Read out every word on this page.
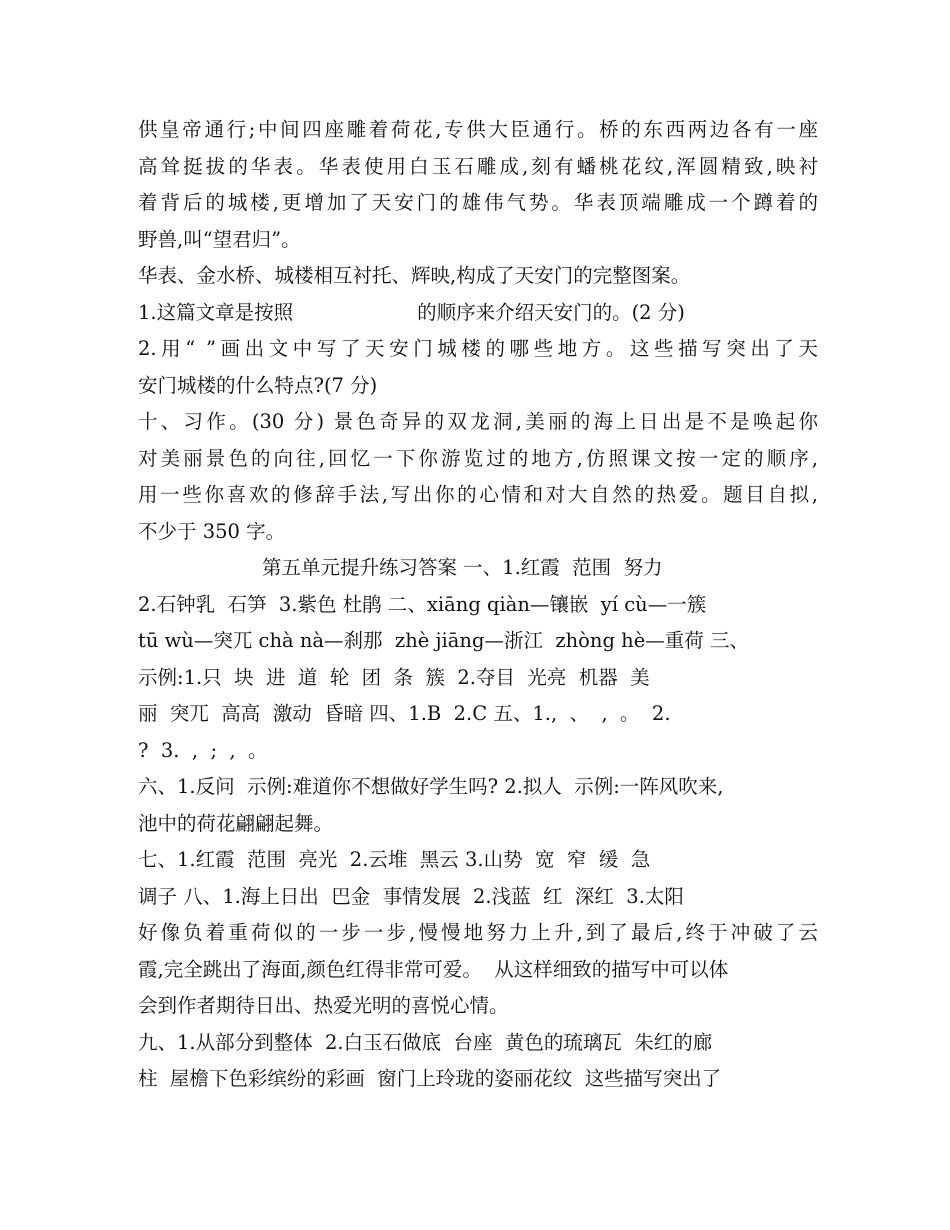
供皇帝通行;中间四座雕着荷花,专供大臣通行。桥的东西两边各有一座
高耸挺拔的华表。华表使用白玉石雕成,刻有蟠桃花纹,浑圆精致,映衬
着背后的城楼,更增加了天安门的雄伟气势。华表顶端雕成一个蹲着的
野兽,叫“望君归”。
华表、金水桥、城楼相互衬托、辉映,构成了天安门的完整图案。
1.这篇文章是按照                    的顺序来介绍天安门的。(2 分)
2.用“ ”画出文中写了天安门城楼的哪些地方。这些描写突出了天
安门城楼的什么特点?(7 分)
十、习作。(30 分) 景色奇异的双龙洞,美丽的海上日出是不是唤起你
对美丽景色的向往,回忆一下你游览过的地方,仿照课文按一定的顺序,
用一些你喜欢的修辞手法,写出你的心情和对大自然的热爱。题目自拟,
不少于 350 字。
第五单元提升练习答案 一、1.红霞  范围  努力
2.石钟乳  石笋  3.紫色 杜鹃 二、xiāng qiàn—镶嵌  yí cù—一簇
tū wù—突兀 chà nà—刹那  zhè jiāng—浙江  zhòng hè—重荷 三、
示例:1.只  块  进  道  轮  团  条  簇  2.夺目  光亮  机器  美
丽  突兀  高高  激动  昏暗 四、1.B  2.C 五、1.,  、  ,  。  2.
?  3.  ,  ;  ,  。
六、1.反问  示例:难道你不想做好学生吗? 2.拟人  示例:一阵风吹来,
池中的荷花翩翩起舞。
七、1.红霞  范围  亮光  2.云堆  黑云 3.山势  宽  窄  缓  急
调子 八、1.海上日出  巴金  事情发展  2.浅蓝  红  深红  3.太阳
好像负着重荷似的一步一步,慢慢地努力上升,到了最后,终于冲破了云
霞,完全跳出了海面,颜色红得非常可爱。  从这样细致的描写中可以体
会到作者期待日出、热爱光明的喜悦心情。
九、1.从部分到整体  2.白玉石做底  台座  黄色的琉璃瓦  朱红的廊
柱  屋檐下色彩缤纷的彩画  窗门上玲珑的姿丽花纹  这些描写突出了
